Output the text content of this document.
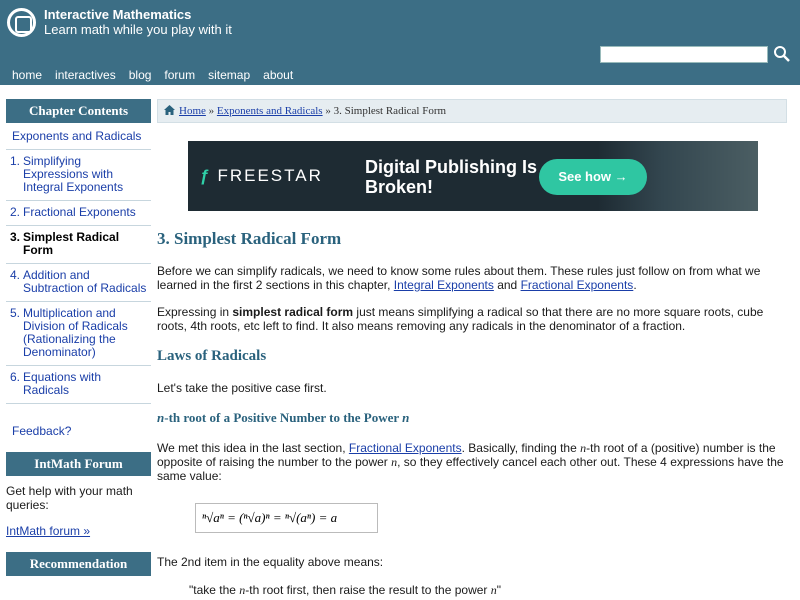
Interactive Mathematics
Learn math while you play with it
home interactives blog forum sitemap about
Chapter Contents
Exponents and Radicals
1. Simplifying Expressions with Integral Exponents
2. Fractional Exponents
3. Simplest Radical Form
4. Addition and Subtraction of Radicals
5. Multiplication and Division of Radicals (Rationalizing the Denominator)
6. Equations with Radicals
Feedback?
IntMath Forum
Get help with your math queries:
IntMath forum »
Recommendation
Home » Exponents and Radicals » 3. Simplest Radical Form
ƒ FREESTAR Digital Publishing Is Broken!
See how →
3. Simplest Radical Form
Before we can simplify radicals, we need to know some rules about them. These rules just follow on from what we learned in the first 2 sections in this chapter, Integral Exponents and Fractional Exponents.
Expressing in simplest radical form just means simplifying a radical so that there are no more square roots, cube roots, 4th roots, etc left to find. It also means removing any radicals in the denominator of a fraction.
Laws of Radicals
Let's take the positive case first.
n-th root of a Positive Number to the Power n
We met this idea in the last section, Fractional Exponents. Basically, finding the n-th root of a (positive) number is the opposite of raising the number to the power n, so they effectively cancel each other out. These 4 expressions have the same value:
ⁿ√aⁿ = (ⁿ√a)ⁿ = ⁿ√(aⁿ) = a
The 2nd item in the equality above means:
"take the n-th root first, then raise the result to the power n"
